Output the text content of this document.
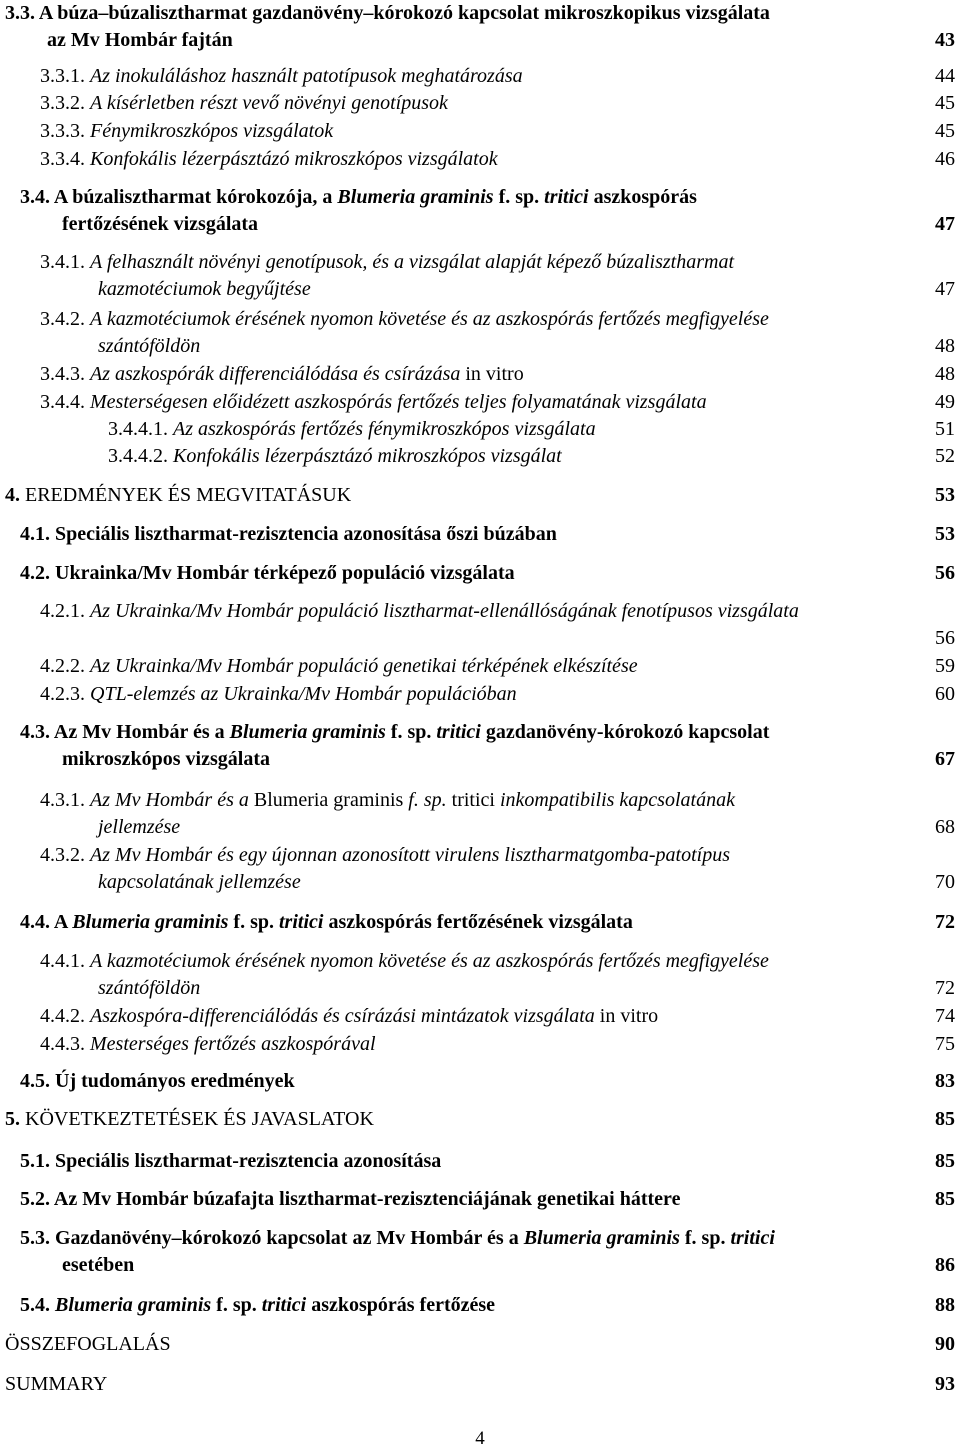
3.3. A búza–búzalisztharmat gazdanövény–kórokozó kapcsolat mikroszkopikus vizsgálata
az Mv Hombár fajtán	43
3.3.1. Az inokuláláshoz használt patotípusok meghatározása	44
3.3.2. A kísérletben részt vevő növényi genotípusok	45
3.3.3. Fénymikroszkópos vizsgálatok	45
3.3.4. Konfokális lézerpásztázó mikroszkópos vizsgálatok	46
3.4. A búzalisztharmat kórokozója, a Blumeria graminis f. sp. tritici aszkospórás
fertőzésének vizsgálata	47
3.4.1. A felhasznált növényi genotípusok, és a vizsgálat alapját képező búzalisztharmat
kazmotéciumok begyűjtése	47
3.4.2. A kazmotéciumok érésének nyomon követése és az aszkospórás fertőzés megfigyelése
szántóföldön	48
3.4.3. Az aszkospórák differenciálódása és csírázása in vitro	48
3.4.4. Mesterségesen előidézett aszkospórás fertőzés teljes folyamatának vizsgálata	49
3.4.4.1. Az aszkospórás fertőzés fénymikroszkópos vizsgálata	51
3.4.4.2. Konfokális lézerpásztázó mikroszkópos vizsgálat	52
4. EREDMÉNYEK ÉS MEGVITATÁSUK	53
4.1. Speciális lisztharmat-rezisztencia azonosítása őszi búzában	53
4.2. Ukrainka/Mv Hombár térképező populáció vizsgálata	56
4.2.1. Az Ukrainka/Mv Hombár populáció lisztharmat-ellenállóságának fenotípusos vizsgálata
56
4.2.2. Az Ukrainka/Mv Hombár populáció genetikai térképének elkészítése	59
4.2.3. QTL-elemzés az Ukrainka/Mv Hombár populációban	60
4.3. Az Mv Hombár és a Blumeria graminis f. sp. tritici gazdanövény-kórokozó kapcsolat
mikroszkópos vizsgálata	67
4.3.1. Az Mv Hombár és a Blumeria graminis f. sp. tritici inkompatibilis kapcsolatának
jellemzése	68
4.3.2. Az Mv Hombár és egy újonnan azonosított virulens lisztharmatgomba-patotípus
kapcsolatának jellemzése	70
4.4. A Blumeria graminis f. sp. tritici aszkospórás fertőzésének vizsgálata	72
4.4.1. A kazmotéciumok érésének nyomon követése és az aszkospórás fertőzés megfigyelése
szántóföldön	72
4.4.2. Aszkospóra-differenciálódás és csírázási mintázatok vizsgálata in vitro	74
4.4.3. Mesterséges fertőzés aszkospórával	75
4.5. Új tudományos eredmények	83
5. KÖVETKEZTETÉSEK ÉS JAVASLATOK	85
5.1. Speciális lisztharmat-rezisztencia azonosítása	85
5.2. Az Mv Hombár búzafajta lisztharmat-rezisztenciájának genetikai háttere	85
5.3. Gazdanövény–kórokozó kapcsolat az Mv Hombár és a Blumeria graminis f. sp. tritici
esetében	86
5.4. Blumeria graminis f. sp. tritici aszkospórás fertőzése	88
ÖSSZEFOGLALÁS	90
SUMMARY	93
4
